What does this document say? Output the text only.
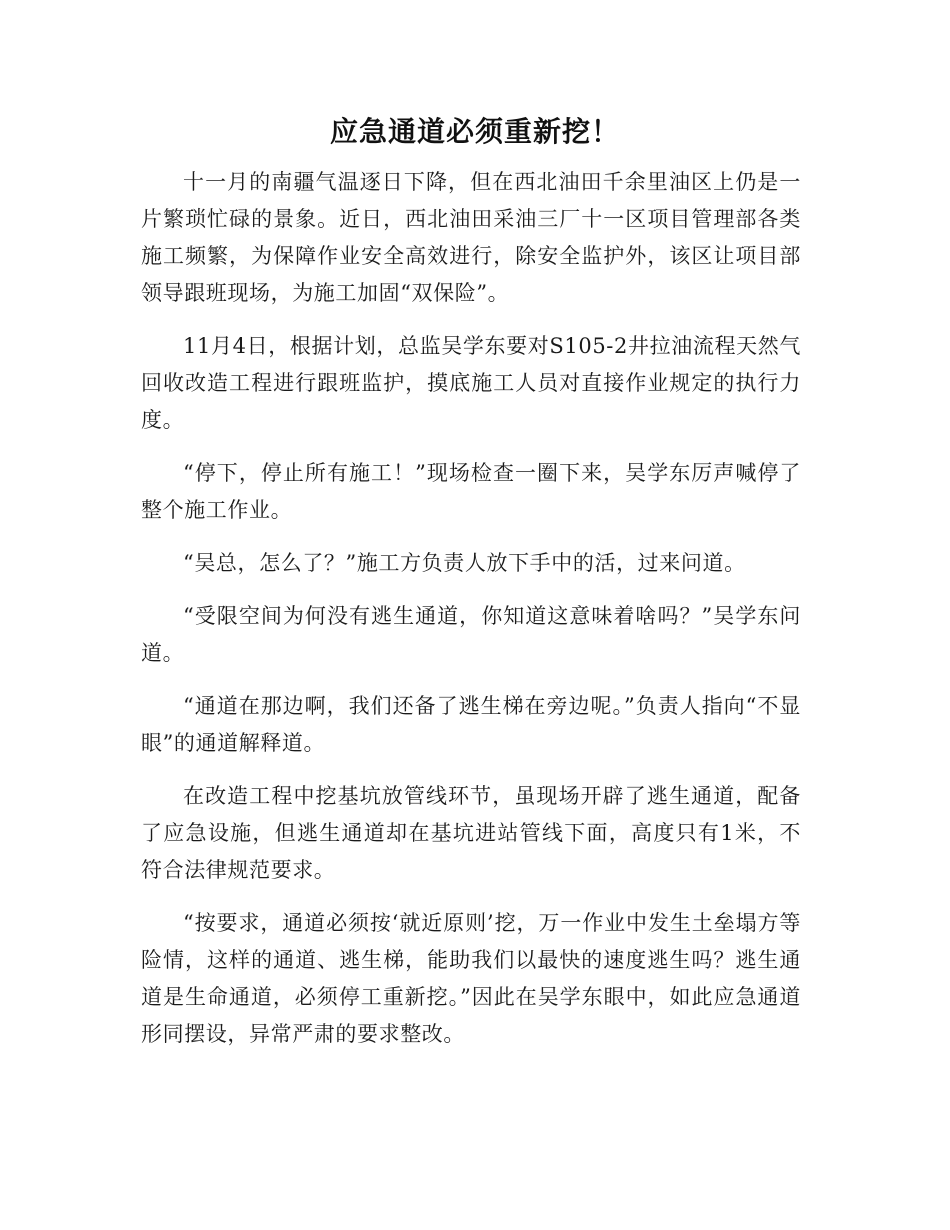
应急通道必须重新挖！

十一月的南疆气温逐日下降，但在西北油田千余里油区上仍是一片繁琐忙碌的景象。近日，西北油田采油三厂十一区项目管理部各类施工频繁，为保障作业安全高效进行，除安全监护外，该区让项目部领导跟班现场，为施工加固“双保险”。

11月4日，根据计划，总监吴学东要对S105-2井拉油流程天然气回收改造工程进行跟班监护，摸底施工人员对直接作业规定的执行力度。

“停下，停止所有施工！”现场检查一圈下来，吴学东厉声喊停了整个施工作业。

“吴总，怎么了？”施工方负责人放下手中的活，过来问道。

“受限空间为何没有逃生通道，你知道这意味着啥吗？”吴学东问道。

“通道在那边啊，我们还备了逃生梯在旁边呢。”负责人指向“不显眼”的通道解释道。

在改造工程中挖基坑放管线环节，虽现场开辟了逃生通道，配备了应急设施，但逃生通道却在基坑进站管线下面，高度只有1米，不符合法律规范要求。

“按要求，通道必须按‘就近原则’挖，万一作业中发生土垒塌方等险情，这样的通道、逃生梯，能助我们以最快的速度逃生吗？逃生通道是生命通道，必须停工重新挖。”因此在吴学东眼中，如此应急通道形同摆设，异常严肃的要求整改。
